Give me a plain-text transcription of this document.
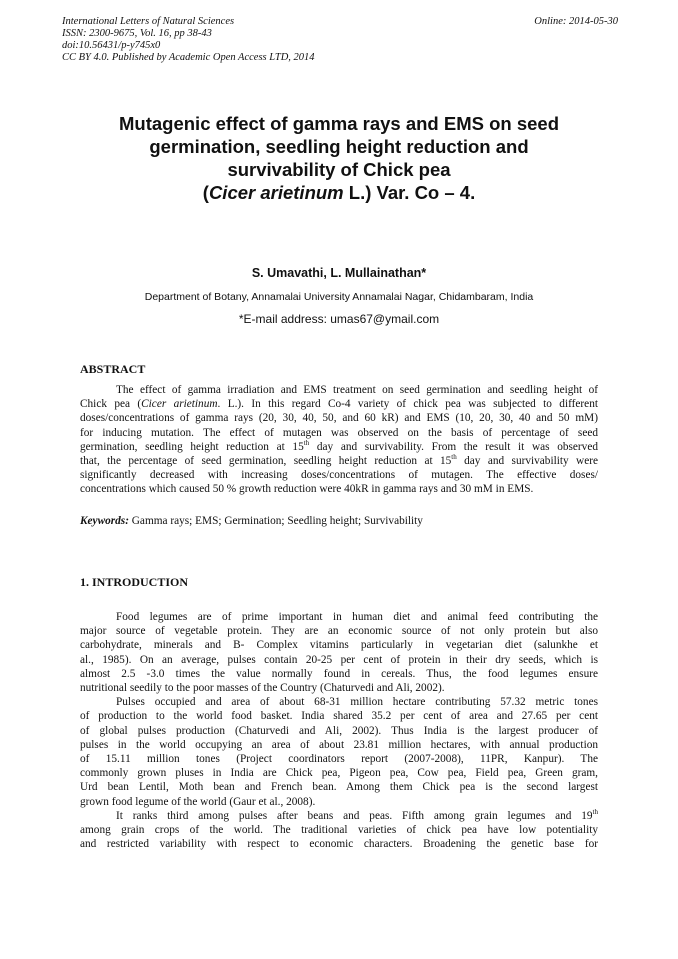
International Letters of Natural Sciences
ISSN: 2300-9675, Vol. 16, pp 38-43
doi:10.56431/p-y745x0
CC BY 4.0. Published by Academic Open Access LTD, 2014
Online: 2014-05-30
Mutagenic effect of gamma rays and EMS on seed
germination, seedling height reduction and
survivability of Chick pea
(Cicer arietinum L.) Var. Co – 4.
S. Umavathi, L. Mullainathan*
Department of Botany, Annamalai University Annamalai Nagar, Chidambaram, India
*E-mail address: umas67@ymail.com
ABSTRACT
The effect of gamma irradiation and EMS treatment on seed germination and seedling height of
Chick pea (Cicer arietinum. L.). In this regard Co-4 variety of chick pea was subjected to different
doses/concentrations of gamma rays (20, 30, 40, 50, and 60 kR) and EMS (10, 20, 30, 40 and 50 mM)
for inducing mutation. The effect of mutagen was observed on the basis of percentage of seed
germination, seedling height reduction at 15th day and survivability. From the result it was observed
that, the percentage of seed germination, seedling height reduction at 15th day and survivability were
significantly decreased with increasing doses/concentrations of mutagen. The effective doses/
concentrations which caused 50 % growth reduction were 40kR in gamma rays and 30 mM in EMS.
Keywords: Gamma rays; EMS; Germination; Seedling height; Survivability
1. INTRODUCTION
Food legumes are of prime important in human diet and animal feed contributing the
major source of vegetable protein. They are an economic source of not only protein but also
carbohydrate, minerals and B- Complex vitamins particularly in vegetarian diet (salunkhe et
al., 1985). On an average, pulses contain 20-25 per cent of protein in their dry seeds, which is
almost 2.5 -3.0 times the value normally found in cereals. Thus, the food legumes ensure
nutritional seedily to the poor masses of the Country (Chaturvedi and Ali, 2002).
Pulses occupied and area of about 68-31 million hectare contributing 57.32 metric tones
of production to the world food basket. India shared 35.2 per cent of area and 27.65 per cent
of global pulses production (Chaturvedi and Ali, 2002). Thus India is the largest producer of
pulses in the world occupying an area of about 23.81 million hectares, with annual production
of 15.11 million tones (Project coordinators report (2007-2008), 11PR, Kanpur). The
commonly grown pluses in India are Chick pea, Pigeon pea, Cow pea, Field pea, Green gram,
Urd bean Lentil, Moth bean and French bean. Among them Chick pea is the second largest
grown food legume of the world (Gaur et al., 2008).
It ranks third among pulses after beans and peas. Fifth among grain legumes and 19th
among grain crops of the world. The traditional varieties of chick pea have low potentiality
and restricted variability with respect to economic characters. Broadening the genetic base for
